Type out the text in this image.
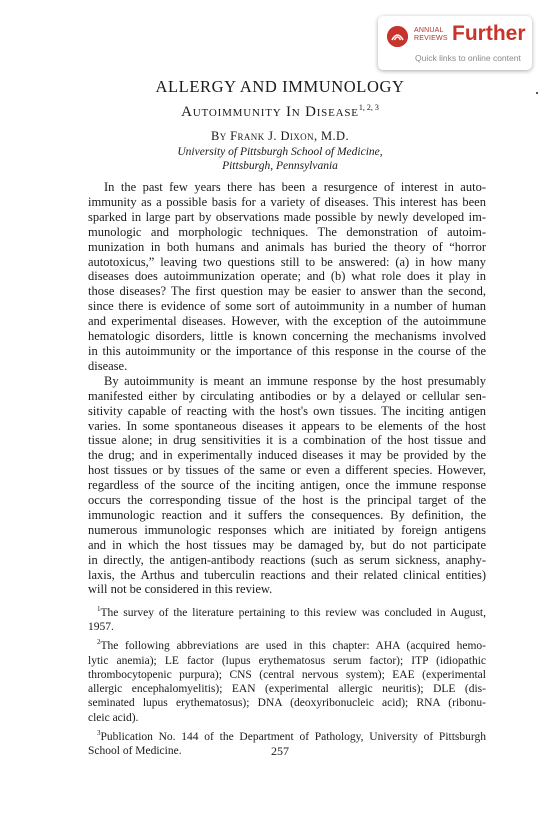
ANNUAL
REVIEWS Further
Quick links to online content
ALLERGY AND IMMUNOLOGY
Autoimmunity In Disease$^{1, 2, 3}$
By Frank J. Dixon, M.D.
University of Pittsburgh School of Medicine,
Pittsburgh, Pennsylvania
In the past few years there has been a resurgence of interest in auto-
immunity as a possible basis for a variety of diseases. This interest has been
sparked in large part by observations made possible by newly developed im-
munologic and morphologic techniques. The demonstration of autoim-
munization in both humans and animals has buried the theory of “horror
autotoxicus,” leaving two questions still to be answered: (a) in how many
diseases does autoimmunization operate; and (b) what role does it play in
those diseases? The first question may be easier to answer than the second,
since there is evidence of some sort of autoimmunity in a number of human
and experimental diseases. However, with the exception of the autoimmune
hematologic disorders, little is known concerning the mechanisms involved
in this autoimmunity or the importance of this response in the course of the
disease.
By autoimmunity is meant an immune response by the host presumably
manifested either by circulating antibodies or by a delayed or cellular sen-
sitivity capable of reacting with the host's own tissues. The inciting antigen
varies. In some spontaneous diseases it appears to be elements of the host
tissue alone; in drug sensitivities it is a combination of the host tissue and
the drug; and in experimentally induced diseases it may be provided by the
host tissues or by tissues of the same or even a different species. However,
regardless of the source of the inciting antigen, once the immune response
occurs the corresponding tissue of the host is the principal target of the
immunologic reaction and it suffers the consequences. By definition, the
numerous immunologic responses which are initiated by foreign antigens
and in which the host tissues may be damaged by, but do not participate
in directly, the antigen-antibody reactions (such as serum sickness, anaphy-
laxis, the Arthus and tuberculin reactions and their related clinical entities)
will not be considered in this review.
$^1$The survey of the literature pertaining to this review was concluded in August,
1957.
$^2$The following abbreviations are used in this chapter: AHA (acquired hemo-
lytic anemia); LE factor (lupus erythematosus serum factor); ITP (idiopathic
thrombocytopenic purpura); CNS (central nervous system); EAE (experimental
allergic encephalomyelitis); EAN (experimental allergic neuritis); DLE (dis-
seminated lupus erythematosus); DNA (deoxyribonucleic acid); RNA (ribonu-
cleic acid).
$^3$Publication No. 144 of the Department of Pathology, University of Pittsburgh
School of Medicine.	257
